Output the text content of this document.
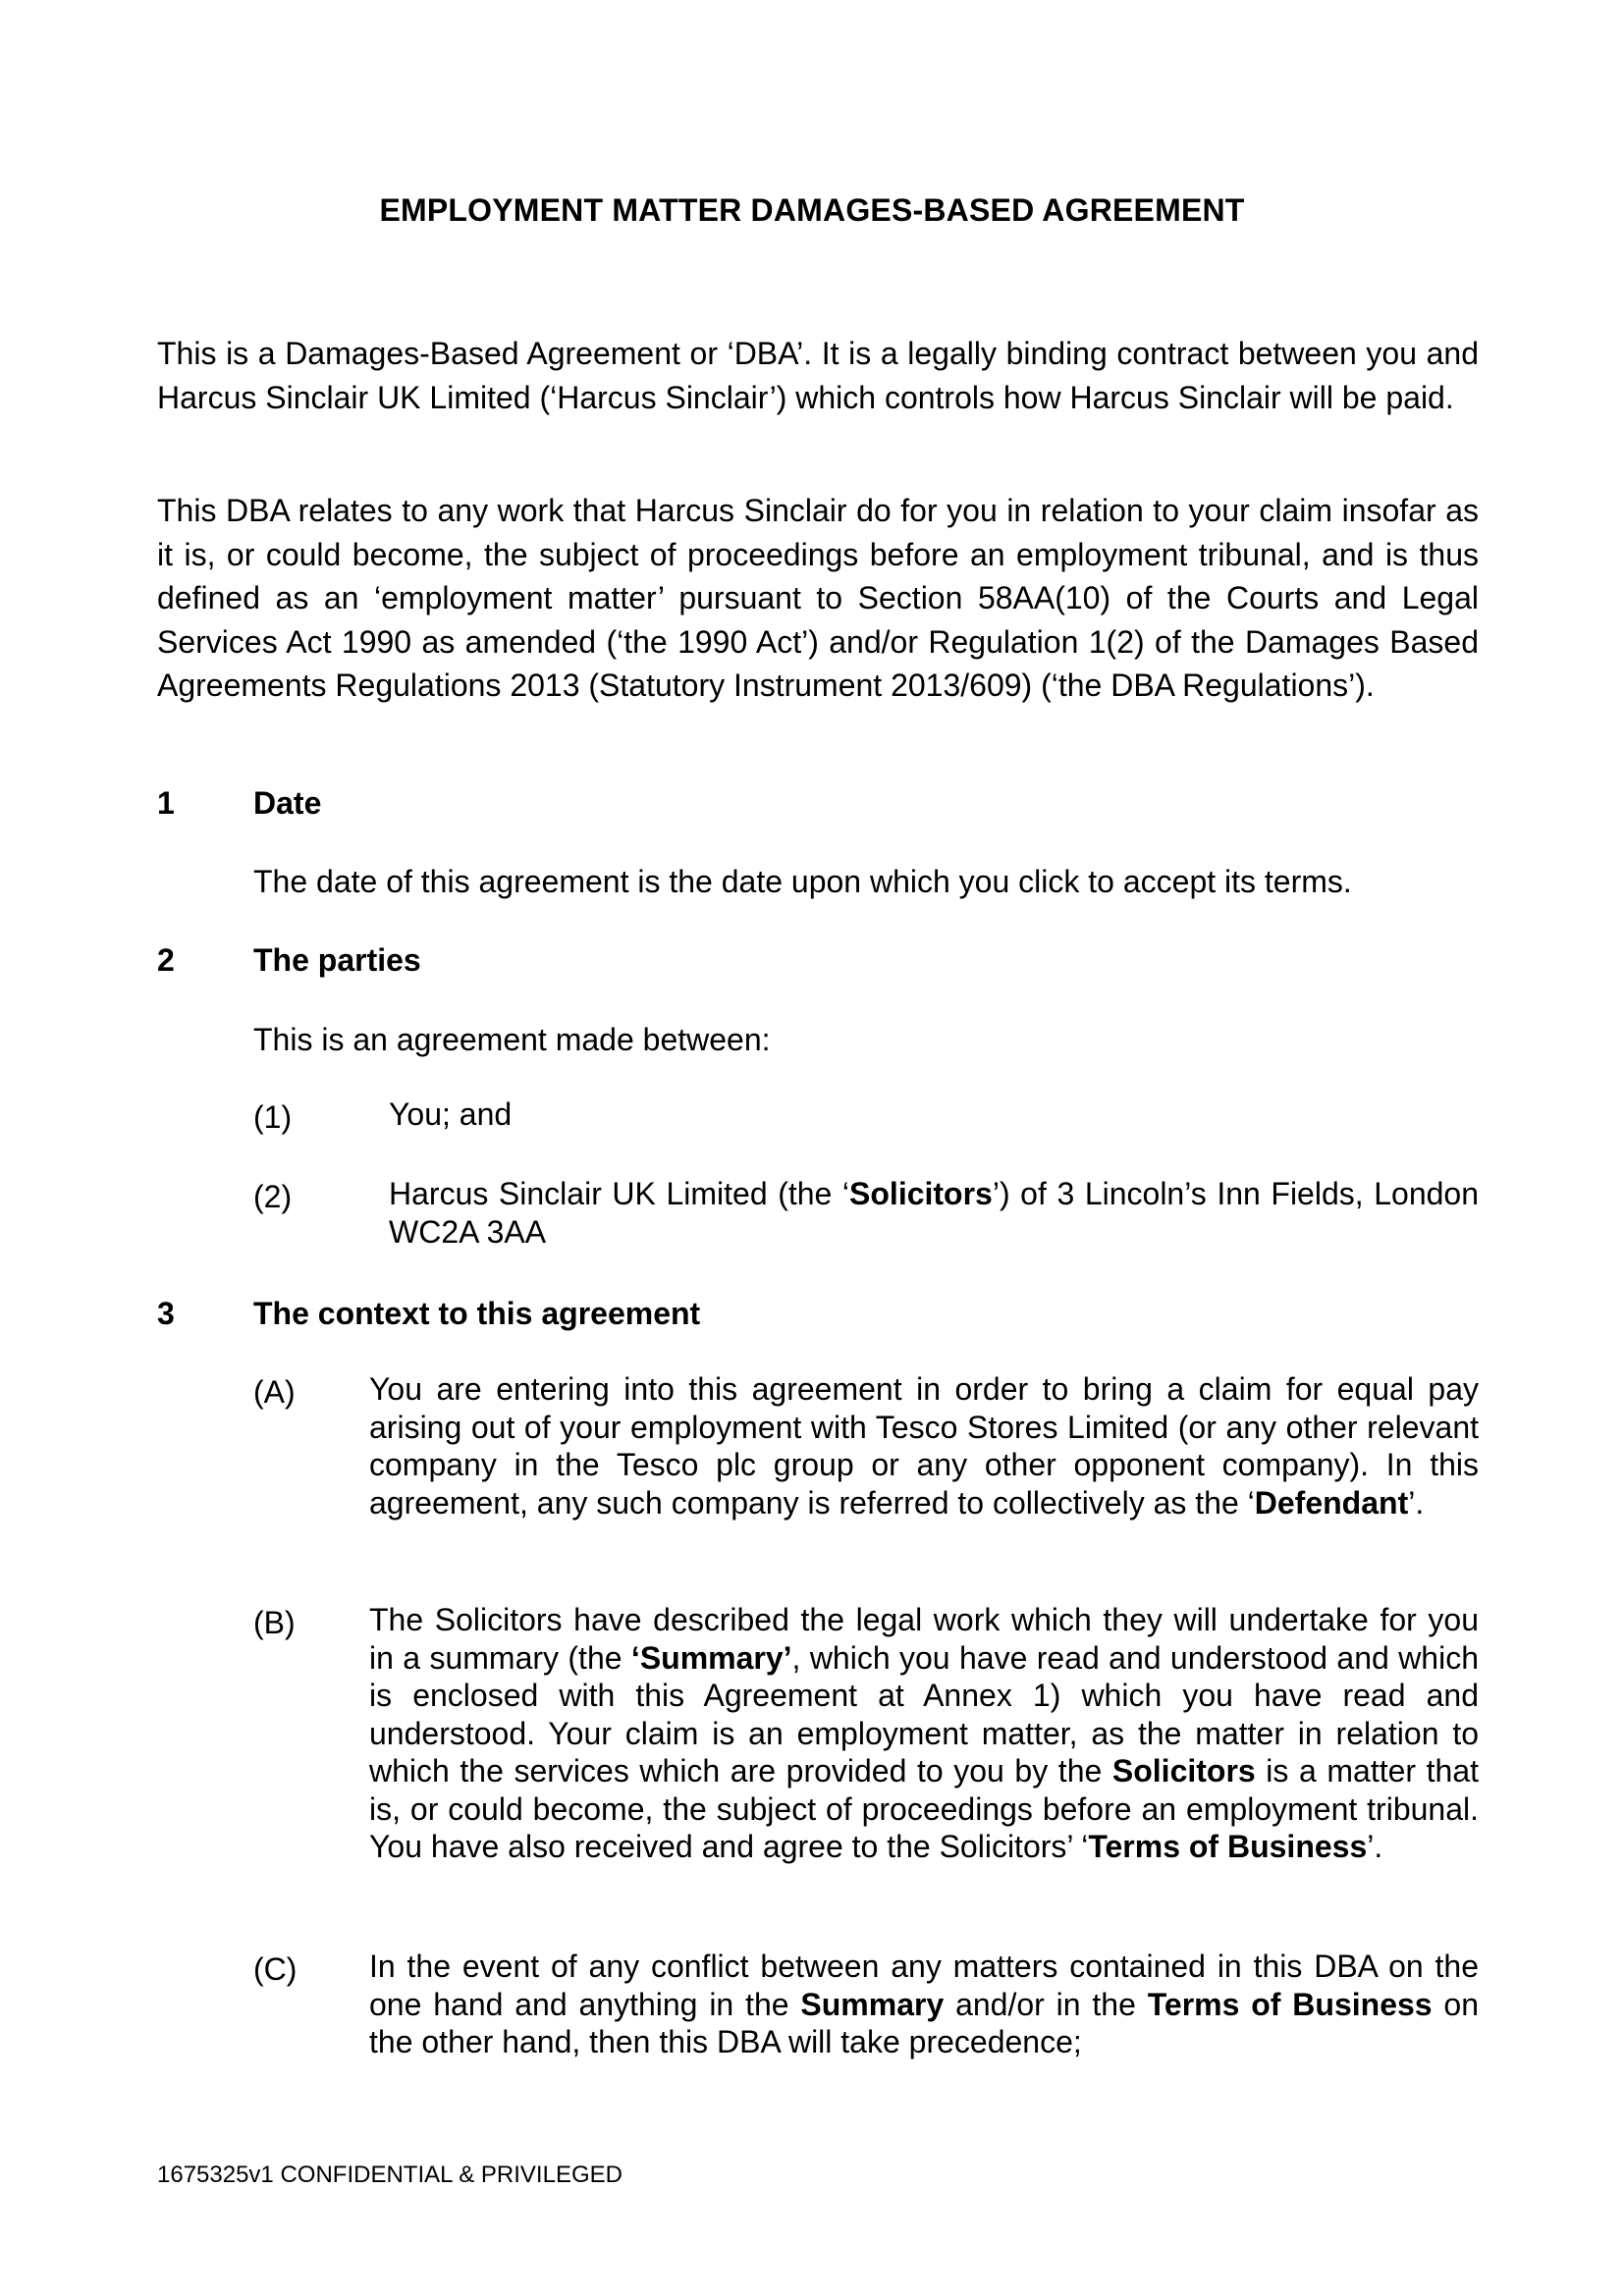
EMPLOYMENT MATTER DAMAGES-BASED AGREEMENT

This is a Damages-Based Agreement or ‘DBA’. It is a legally binding contract between you and Harcus Sinclair UK Limited (‘Harcus Sinclair’) which controls how Harcus Sinclair will be paid.

This DBA relates to any work that Harcus Sinclair do for you in relation to your claim insofar as it is, or could become, the subject of proceedings before an employment tribunal, and is thus defined as an ‘employment matter’ pursuant to Section 58AA(10) of the Courts and Legal Services Act 1990 as amended (‘the 1990 Act’) and/or Regulation 1(2) of the Damages Based Agreements Regulations 2013 (Statutory Instrument 2013/609) (‘the DBA Regulations’).

1	Date

The date of this agreement is the date upon which you click to accept its terms.

2	The parties

This is an agreement made between:

(1)	You; and

(2)	Harcus Sinclair UK Limited (the ‘Solicitors’) of 3 Lincoln’s Inn Fields, London WC2A 3AA

3	The context to this agreement
(A) You are entering into this agreement in order to bring a claim for equal pay arising out of your employment with Tesco Stores Limited (or any other relevant company in the Tesco plc group or any other opponent company). In this agreement, any such company is referred to collectively as the ‘Defendant’.

(B) The Solicitors have described the legal work which they will undertake for you in a summary (the ‘Summary’, which you have read and understood and which is enclosed with this Agreement at Annex 1) which you have read and understood. Your claim is an employment matter, as the matter in relation to which the services which are provided to you by the Solicitors is a matter that is, or could become, the subject of proceedings before an employment tribunal. You have also received and agree to the Solicitors’ ‘Terms of Business’.

(C) In the event of any conflict between any matters contained in this DBA on the one hand and anything in the Summary and/or in the Terms of Business on the other hand, then this DBA will take precedence;

1675325v1 CONFIDENTIAL & PRIVILEGED
